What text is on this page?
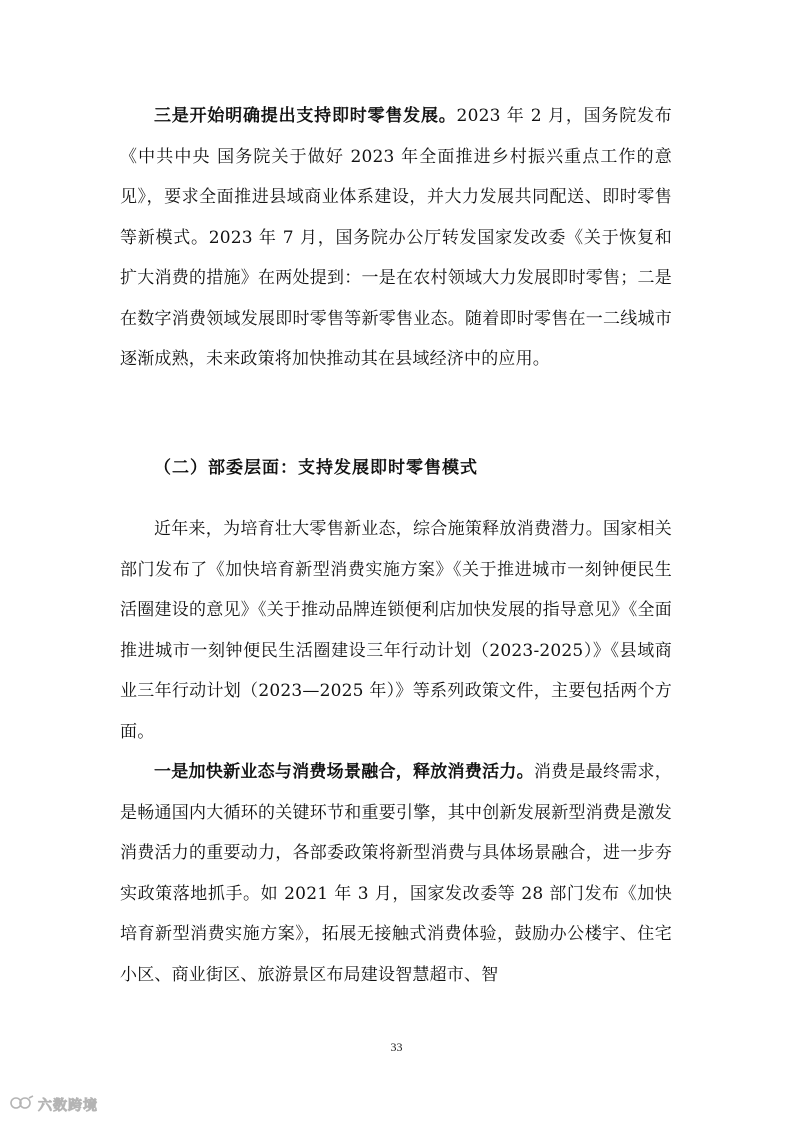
三是开始明确提出支持即时零售发展。2023 年 2 月，国务院发布《中共中央 国务院关于做好 2023 年全面推进乡村振兴重点工作的意见》，要求全面推进县域商业体系建设，并大力发展共同配送、即时零售等新模式。2023 年 7 月，国务院办公厅转发国家发改委《关于恢复和扩大消费的措施》在两处提到：一是在农村领域大力发展即时零售；二是在数字消费领域发展即时零售等新零售业态。随着即时零售在一二线城市逐渐成熟，未来政策将加快推动其在县域经济中的应用。
（二）部委层面：支持发展即时零售模式
近年来，为培育壮大零售新业态，综合施策释放消费潜力。国家相关部门发布了《加快培育新型消费实施方案》《关于推进城市一刻钟便民生活圈建设的意见》《关于推动品牌连锁便利店加快发展的指导意见》《全面推进城市一刻钟便民生活圈建设三年行动计划（2023-2025）》《县域商业三年行动计划（2023—2025 年）》等系列政策文件，主要包括两个方面。
一是加快新业态与消费场景融合，释放消费活力。消费是最终需求，是畅通国内大循环的关键环节和重要引擎，其中创新发展新型消费是激发消费活力的重要动力，各部委政策将新型消费与具体场景融合，进一步夯实政策落地抓手。如 2021 年 3 月，国家发改委等 28 部门发布《加快培育新型消费实施方案》，拓展无接触式消费体验，鼓励办公楼宇、住宅小区、商业街区、旅游景区布局建设智慧超市、智
33
六数跨境
